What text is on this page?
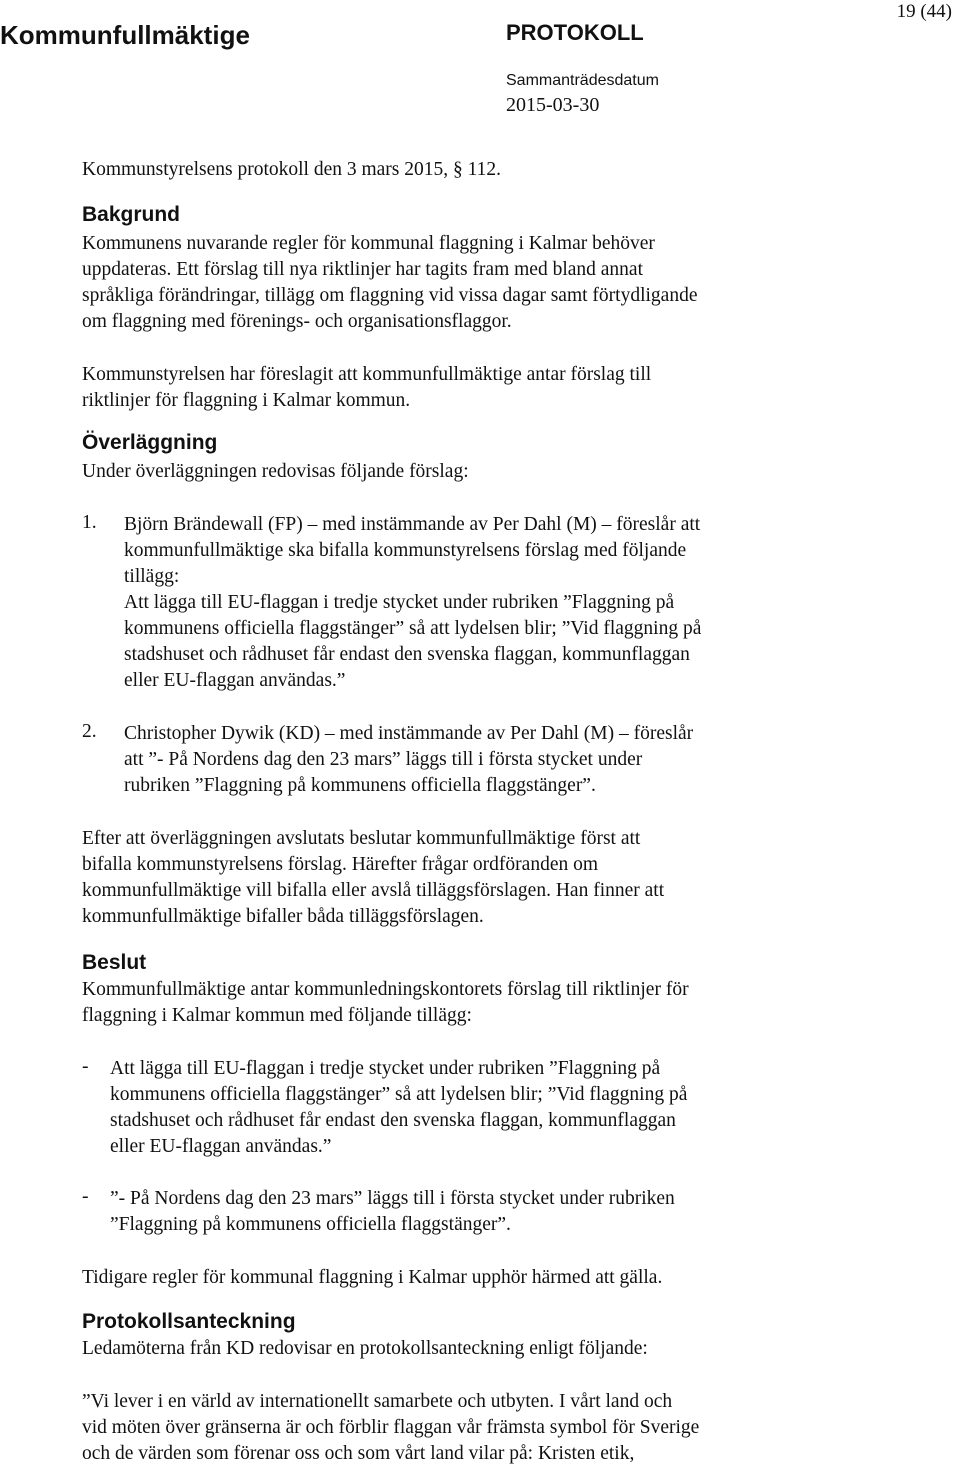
Kommunfullmäktige	PROTOKOLL
19 (44)
Sammanträdesdatum
2015-03-30
Kommunstyrelsens protokoll den 3 mars 2015, § 112.
Bakgrund
Kommunens nuvarande regler för kommunal flaggning i Kalmar behöver
uppdateras. Ett förslag till nya riktlinjer har tagits fram med bland annat
språkliga förändringar, tillägg om flaggning vid vissa dagar samt förtydligande
om flaggning med förenings- och organisationsflaggor.
Kommunstyrelsen har föreslagit att kommunfullmäktige antar förslag till
riktlinjer för flaggning i Kalmar kommun.
Överläggning
Under överläggningen redovisas följande förslag:
1. Björn Brändewall (FP) – med instämmande av Per Dahl (M) – föreslår att
kommunfullmäktige ska bifalla kommunstyrelsens förslag med följande
tillägg:
Att lägga till EU-flaggan i tredje stycket under rubriken ”Flaggning på
kommunens officiella flaggstänger” så att lydelsen blir; ”Vid flaggning på
stadshuset och rådhuset får endast den svenska flaggan, kommunflaggan
eller EU-flaggan användas.”
2. Christopher Dywik (KD) – med instämmande av Per Dahl (M) – föreslår
att ”- På Nordens dag den 23 mars” läggs till i första stycket under
rubriken ”Flaggning på kommunens officiella flaggstänger”.
Efter att överläggningen avslutats beslutar kommunfullmäktige först att
bifalla kommunstyrelsens förslag. Härefter frågar ordföranden om
kommunfullmäktige vill bifalla eller avslå tilläggsförslagen. Han finner att
kommunfullmäktige bifaller båda tilläggsförslagen.
Beslut
Kommunfullmäktige antar kommunledningskontorets förslag till riktlinjer för
flaggning i Kalmar kommun med följande tillägg:
- Att lägga till EU-flaggan i tredje stycket under rubriken ”Flaggning på
kommunens officiella flaggstänger” så att lydelsen blir; ”Vid flaggning på
stadshuset och rådhuset får endast den svenska flaggan, kommunflaggan
eller EU-flaggan användas.”
- ”- På Nordens dag den 23 mars” läggs till i första stycket under rubriken
”Flaggning på kommunens officiella flaggstänger”.
Tidigare regler för kommunal flaggning i Kalmar upphör härmed att gälla.
Protokollsanteckning
Ledamöterna från KD redovisar en protokollsanteckning enligt följande:
”Vi lever i en värld av internationellt samarbete och utbyten. I vårt land och
vid möten över gränserna är och förblir flaggan vår främsta symbol för Sverige
och de värden som förenar oss och som vårt land vilar på: Kristen etik,
